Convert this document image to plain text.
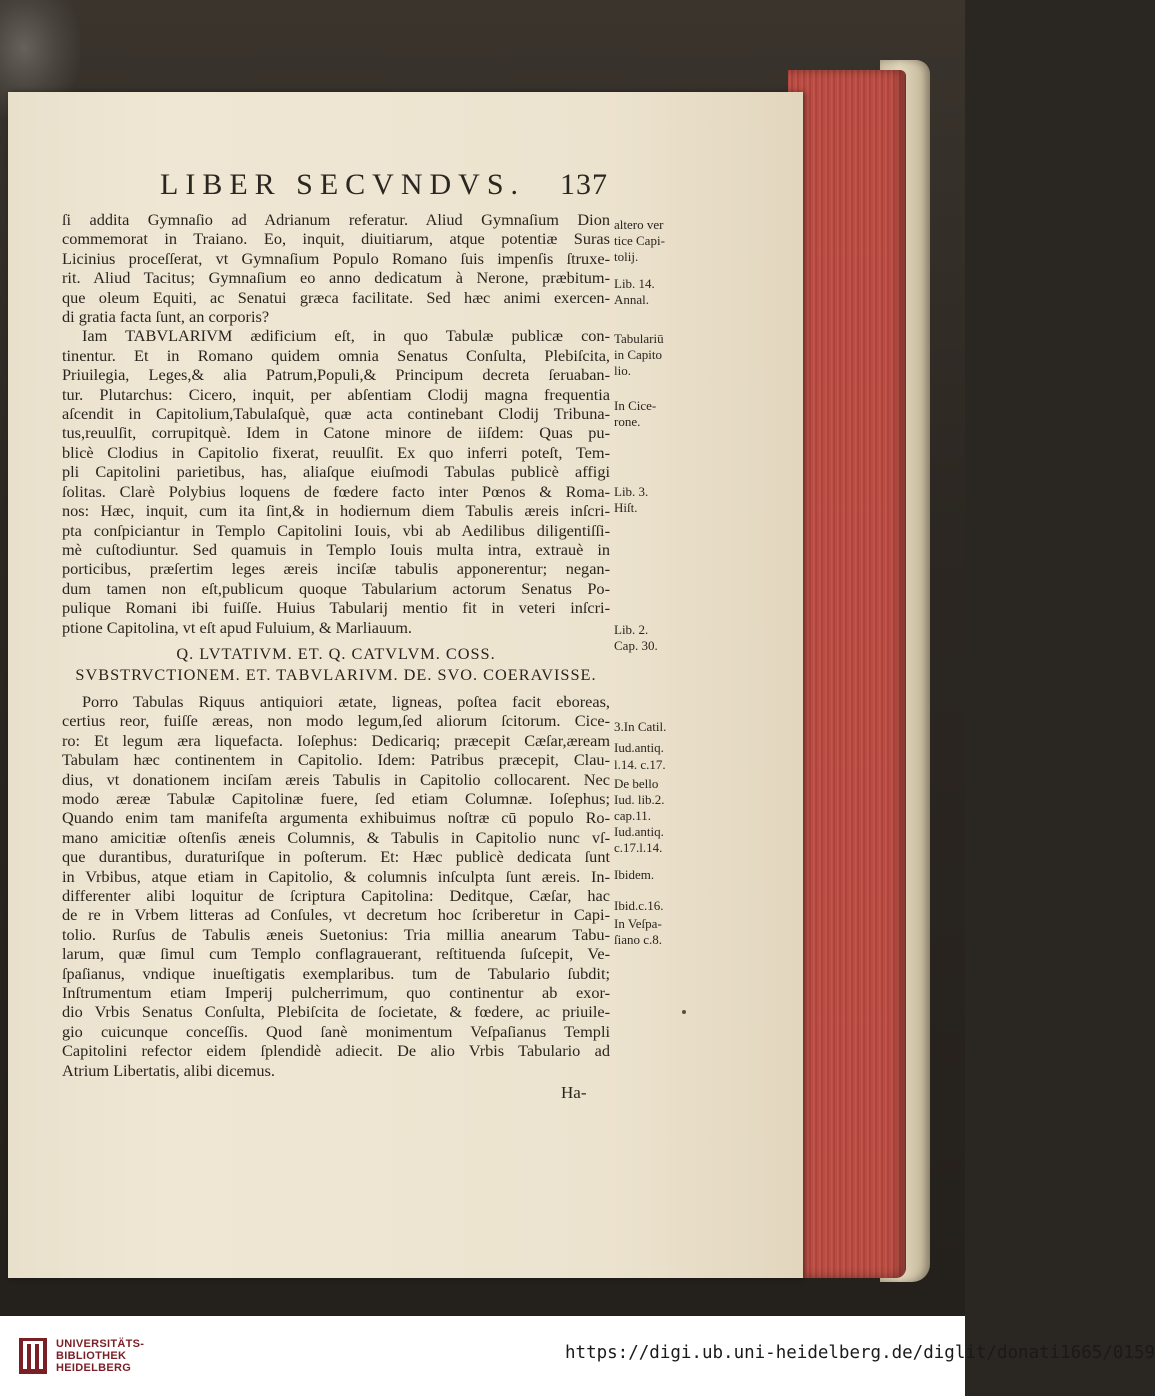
LIBER SECVNDVS. 137
ſi addita Gymnaſio ad Adrianum referatur. Aliud Gymnaſium Dion
commemorat in Traiano. Eo, inquit, diuitiarum, atque potentiæ Suras
Licinius proceſſerat, vt Gymnaſium Populo Romano ſuis impenſis ſtruxe-
rit. Aliud Tacitus; Gymnaſium eo anno dedicatum à Nerone, præbitum-
que oleum Equiti, ac Senatui græca facilitate. Sed hæc animi exercen-
di gratia facta ſunt, an corporis?
Iam TABVLARIVM ædificium eſt, in quo Tabulæ publicæ con-
tinentur. Et in Romano quidem omnia Senatus Conſulta, Plebiſcita,
Priuilegia, Leges,& alia Patrum,Populi,& Principum decreta ſeruaban-
tur. Plutarchus: Cicero, inquit, per abſentiam Clodij magna frequentia
aſcendit in Capitolium,Tabulaſquè, quæ acta continebant Clodij Tribuna-
tus,reuulſit, corrupitquè. Idem in Catone minore de iiſdem: Quas pu-
blicè Clodius in Capitolio fixerat, reuulſit. Ex quo inferri poteſt, Tem-
pli Capitolini parietibus, has, aliaſque eiuſmodi Tabulas publicè affigi
ſolitas. Clarè Polybius loquens de fœdere facto inter Pœnos & Roma-
nos: Hæc, inquit, cum ita ſint,& in hodiernum diem Tabulis æreis inſcri-
pta conſpiciantur in Templo Capitolini Iouis, vbi ab Aedilibus diligentiſſi-
mè cuſtodiuntur. Sed quamuis in Templo Iouis multa intra, extrauè in
porticibus, præſertim leges æreis inciſæ tabulis apponerentur; negan-
dum tamen non eſt,publicum quoque Tabularium actorum Senatus Po-
pulique Romani ibi fuiſſe. Huius Tabularij mentio fit in veteri inſcri-
ptione Capitolina, vt eſt apud Fuluium, & Marliauum.
Q. LVTATIVM. ET. Q. CATVLVM. COSS.
SVBSTRVCTIONEM. ET. TABVLARIVM. DE. SVO. COERAVISSE.
Porro Tabulas Riquus antiquiori ætate, ligneas, poſtea facit eboreas,
certius reor, fuiſſe æreas, non modo legum,ſed aliorum ſcitorum. Cice-
ro: Et legum æra liquefacta. Ioſephus: Dedicariq; præcepit Cæſar,æream
Tabulam hæc continentem in Capitolio. Idem: Patribus præcepit, Clau-
dius, vt donationem inciſam æreis Tabulis in Capitolio collocarent. Nec
modo æreæ Tabulæ Capitolinæ fuere, ſed etiam Columnæ. Ioſephus;
Quando enim tam manifeſta argumenta exhibuimus noſtræ cū populo Ro-
mano amicitiæ oſtenſis æneis Columnis, & Tabulis in Capitolio nunc vſ-
que durantibus, duraturiſque in poſterum. Et: Hæc publicè dedicata ſunt
in Vrbibus, atque etiam in Capitolio, & columnis inſculpta ſunt æreis. In-
differenter alibi loquitur de ſcriptura Capitolina: Deditque, Cæſar, hac
de re in Vrbem litteras ad Conſules, vt decretum hoc ſcriberetur in Capi-
tolio. Rurſus de Tabulis æneis Suetonius: Tria millia anearum Tabu-
larum, quæ ſimul cum Templo conflagrauerant, reſtituenda ſuſcepit, Ve-
ſpaſianus, vndique inueſtigatis exemplaribus. tum de Tabulario ſubdit;
Inſtrumentum etiam Imperij pulcherrimum, quo continentur ab exor-
dio Vrbis Senatus Conſulta, Plebiſcita de ſocietate, & fœdere, ac priuile-
gio cuicunque conceſſis. Quod ſanè monimentum Veſpaſianus Templi
Capitolini refector eidem ſplendidè adiecit. De alio Vrbis Tabulario ad
Atrium Libertatis, alibi dicemus.
altero ver
tice Capi-
tolij.
Lib. 14.
Annal.
Tabulariū
in Capito
lio.
In Cice-
rone.
Lib. 3.
Hiſt.
Lib. 2.
Cap. 30.
3.In Catil.
Iud.antiq.
l.14. c.17.
De bello
Iud. lib.2.
cap.11.
Iud.antiq.
c.17.l.14.
Ibidem.
Ibid.c.16.
In Veſpa-
ſiano c.8.
Ha-
UNIVERSITÄTS-
BIBLIOTHEK
HEIDELBERG
https://digi.ub.uni-heidelberg.de/diglit/donati1665/0159
